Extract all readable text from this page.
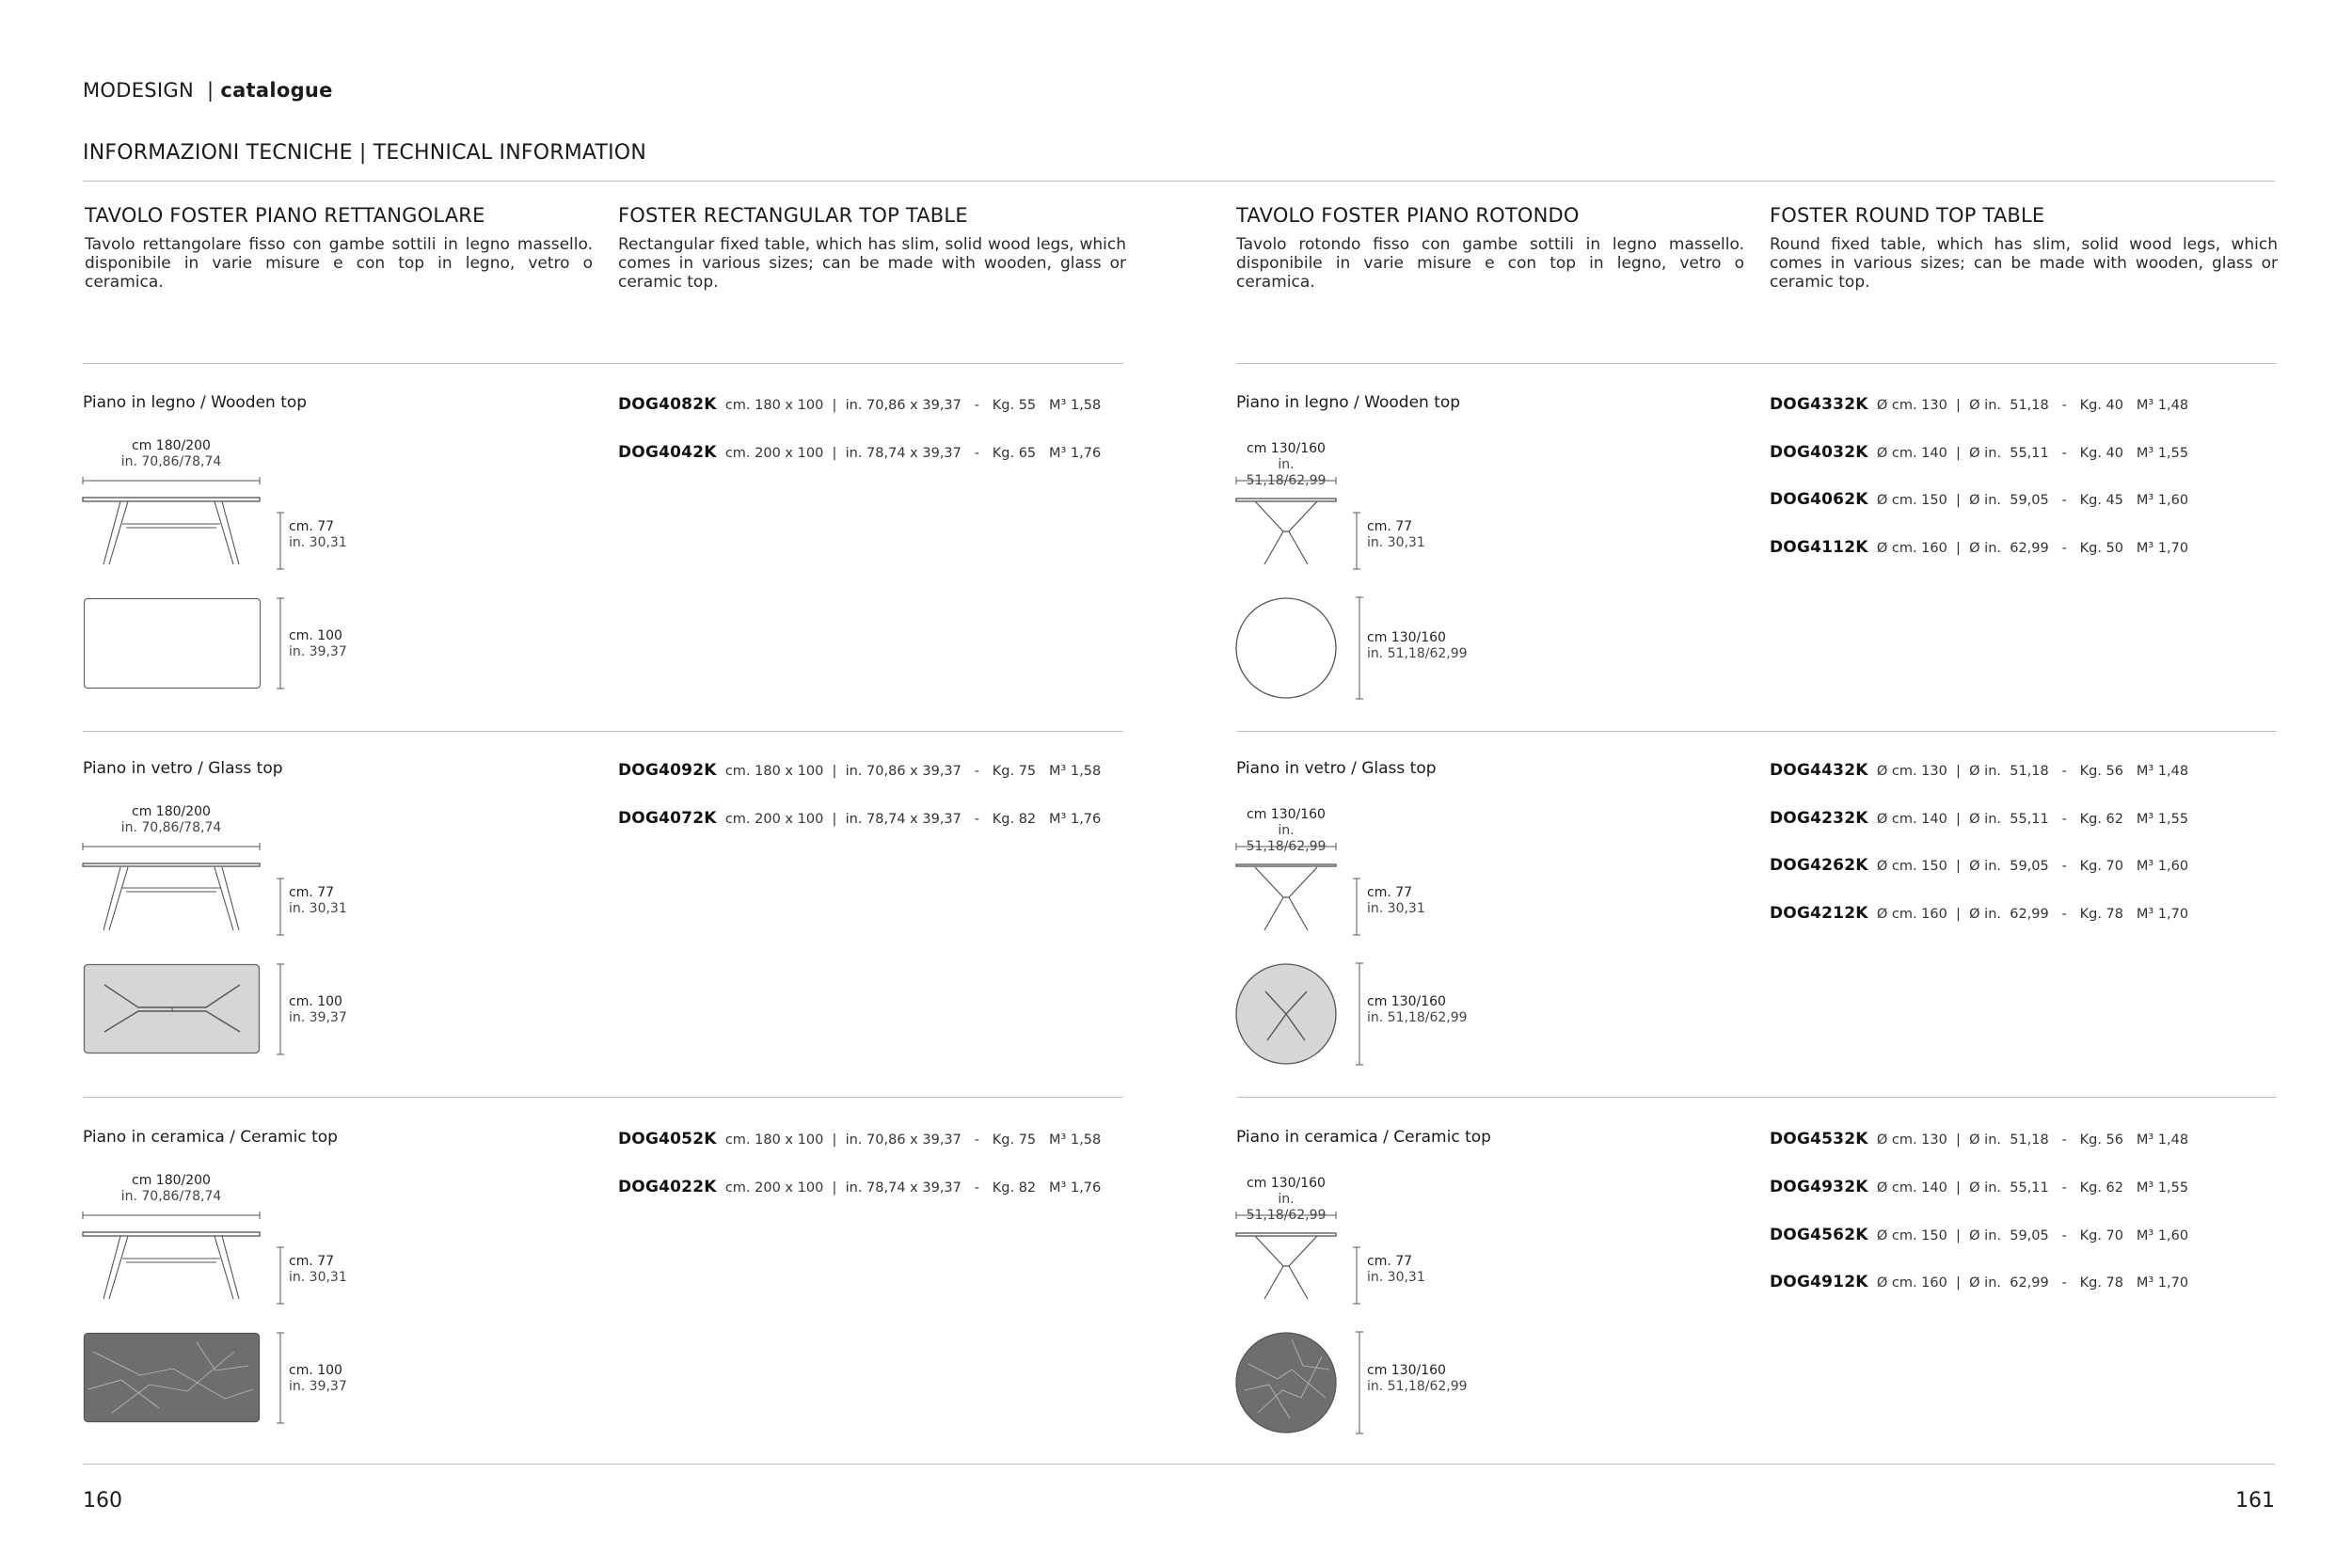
MODESIGN | catalogue
INFORMAZIONI TECNICHE | TECHNICAL INFORMATION
TAVOLO FOSTER PIANO RETTANGOLARE
Tavolo rettangolare fisso con gambe sottili in legno massello. disponibile in varie misure e con top in legno, vetro o ceramica.
FOSTER RECTANGULAR TOP TABLE
Rectangular fixed table, which has slim, solid wood legs, which comes in various sizes; can be made with wooden, glass or ceramic top.
TAVOLO FOSTER PIANO ROTONDO
Tavolo rotondo fisso con gambe sottili in legno massello. disponibile in varie misure e con top in legno, vetro o ceramica.
FOSTER ROUND TOP TABLE
Round fixed table, which has slim, solid wood legs, which comes in various sizes; can be made with wooden, glass or ceramic top.
Piano in legno / Wooden top
cm 180/200
in. 70,86/78,74
cm. 77
in. 30,31
cm. 100
in. 39,37
DOG4082K cm. 180 x 100  |  in. 70,86 x 39,37   -   Kg. 55   M³ 1,58
DOG4042K cm. 200 x 100  |  in. 78,74 x 39,37   -   Kg. 65   M³ 1,76
Piano in vetro / Glass top
cm 180/200
in. 70,86/78,74
cm. 77
in. 30,31
cm. 100
in. 39,37
DOG4092K cm. 180 x 100  |  in. 70,86 x 39,37   -   Kg. 75   M³ 1,58
DOG4072K cm. 200 x 100  |  in. 78,74 x 39,37   -   Kg. 82   M³ 1,76
Piano in ceramica / Ceramic top
cm 180/200
in. 70,86/78,74
cm. 77
in. 30,31
cm. 100
in. 39,37
DOG4052K cm. 180 x 100  |  in. 70,86 x 39,37   -   Kg. 75   M³ 1,58
DOG4022K cm. 200 x 100  |  in. 78,74 x 39,37   -   Kg. 82   M³ 1,76
Piano in legno / Wooden top
cm 130/160
in. 51,18/62,99
cm. 77
in. 30,31
cm 130/160
in. 51,18/62,99
DOG4332K Ø cm. 130  |  Ø in.  51,18   -   Kg. 40   M³ 1,48
DOG4032K Ø cm. 140  |  Ø in.  55,11   -   Kg. 40   M³ 1,55
DOG4062K Ø cm. 150  |  Ø in.  59,05   -   Kg. 45   M³ 1,60
DOG4112K Ø cm. 160  |  Ø in.  62,99   -   Kg. 50   M³ 1,70
Piano in vetro / Glass top
cm 130/160
in. 51,18/62,99
cm. 77
in. 30,31
cm 130/160
in. 51,18/62,99
DOG4432K Ø cm. 130  |  Ø in.  51,18   -   Kg. 56   M³ 1,48
DOG4232K Ø cm. 140  |  Ø in.  55,11   -   Kg. 62   M³ 1,55
DOG4262K Ø cm. 150  |  Ø in.  59,05   -   Kg. 70   M³ 1,60
DOG4212K Ø cm. 160  |  Ø in.  62,99   -   Kg. 78   M³ 1,70
Piano in ceramica / Ceramic top
cm 130/160
in. 51,18/62,99
cm. 77
in. 30,31
cm 130/160
in. 51,18/62,99
DOG4532K Ø cm. 130  |  Ø in.  51,18   -   Kg. 56   M³ 1,48
DOG4932K Ø cm. 140  |  Ø in.  55,11   -   Kg. 62   M³ 1,55
DOG4562K Ø cm. 150  |  Ø in.  59,05   -   Kg. 70   M³ 1,60
DOG4912K Ø cm. 160  |  Ø in.  62,99   -   Kg. 78   M³ 1,70
160	161
